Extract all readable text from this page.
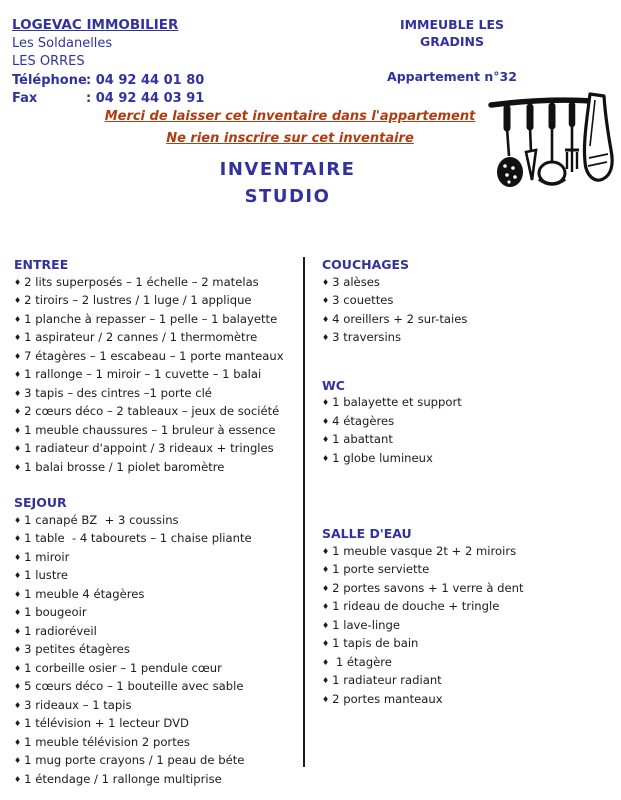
LOGEVAC IMMOBILIER
Les Soldanelles
LES ORRES
Téléphone : 04 92 44 01 80
Fax	: 04 92 44 03 91
IMMEUBLE LES GRADINS
Appartement n°32
Merci de laisser cet inventaire dans l'appartement
Ne rien inscrire sur cet inventaire
INVENTAIRE
STUDIO
ENTREE
♦ 2 lits superposés – 1 échelle – 2 matelas
♦ 2 tiroirs – 2 lustres / 1 luge / 1 applique
♦ 1 planche à repasser – 1 pelle – 1 balayette
♦ 1 aspirateur / 2 cannes / 1 thermomètre
♦ 7 étagères – 1 escabeau – 1 porte manteaux
♦ 1 rallonge – 1 miroir – 1 cuvette – 1 balai
♦ 3 tapis – des cintres –1 porte clé
♦ 2 cœurs déco – 2 tableaux – jeux de société
♦ 1 meuble chaussures – 1 bruleur à essence
♦ 1 radiateur d'appoint / 3 rideaux + tringles
♦ 1 balai brosse / 1 piolet baromètre
SEJOUR
♦ 1 canapé BZ  + 3 coussins
♦ 1 table  - 4 tabourets – 1 chaise pliante
♦ 1 miroir
♦ 1 lustre
♦ 1 meuble 4 étagères
♦ 1 bougeoir
♦ 1 radioréveil
♦ 3 petites étagères
♦ 1 corbeille osier – 1 pendule cœur
♦ 5 cœurs déco – 1 bouteille avec sable
♦ 3 rideaux – 1 tapis
♦ 1 télévision + 1 lecteur DVD
♦ 1 meuble télévision 2 portes
♦ 1 mug porte crayons / 1 peau de béte
♦ 1 étendage / 1 rallonge multiprise
COUCHAGES
♦ 3 alèses
♦ 3 couettes
♦ 4 oreillers + 2 sur-taies
♦ 3 traversins
WC
♦ 1 balayette et support
♦ 4 étagères
♦ 1 abattant
♦ 1 globe lumineux
SALLE D'EAU
♦ 1 meuble vasque 2t + 2 miroirs
♦ 1 porte serviette
♦ 2 portes savons + 1 verre à dent
♦ 1 rideau de douche + tringle
♦ 1 lave-linge
♦ 1 tapis de bain
♦ 1 étagère
♦ 1 radiateur radiant
♦ 2 portes manteaux
